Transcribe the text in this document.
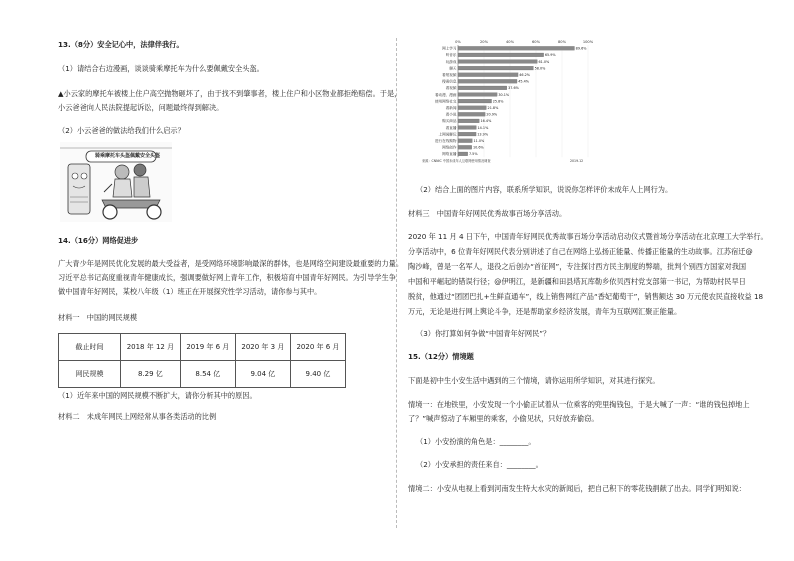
13.（8分）安全记心中，法律伴我行。
（1）请结合右边漫画，谈谈骑乘摩托车为什么要佩戴安全头盔。
▲小云家的摩托车被楼上住户高空抛物砸坏了，由于找不到肇事者，楼上住户和小区物业都拒绝赔偿。于是，
小云爸爸向人民法院提起诉讼，问题最终得到解决。
（2）小云爸爸的做法给我们什么启示？
骑乘摩托车头盔佩戴安全头盔
14.（16分）网络促进步
广大青少年是网民优化发展的最大受益者，是受网络环境影响最深的群体，也是网络空间建设最重要的力量。
习近平总书记高度重视青年健康成长，强调要做好网上青年工作，积极培育中国青年好网民。为引导学生争
做中国青年好网民，某校八年级（1）班正在开展探究性学习活动，请你参与其中。
材料一　中国的网民规模
截止时间	2018 年 12 月	2019 年 6 月	2020 年 3 月	2020 年 6 月
网民规模	8.29 亿	8.54 亿	9.04 亿	9.40 亿
（1）近年来中国的网民规模不断扩大，请你分析其中的原因。
材料二　未成年网民上网经常从事各类活动的比例
0%	20%	40%	60%	80%	100%
网上学习	89.6%
听音乐	65.9%
玩游戏	61.0%
聊天	58.0%
看短视频	46.2%
搜索信息	45.4%
看视频	37.6%
看动漫、漫画	30.1%
使用网络社交	25.8%
看新闻	21.8%
看小说	20.9%
购买商品	16.4%
看直播	14.1%
上网闲聊玩	13.9%
进行在线购物	11.0%
网络创作	10.6%
网络直播	7.5%
来源：CNNIC 中国未成年人互联网使用情况调查	2019.12
（2）结合上面的图片内容，联系所学知识，说说你怎样评价未成年人上网行为。
材料三　中国青年好网民优秀故事百场分享活动。
2020 年 11 月 4 日下午，中国青年好网民优秀故事百场分享活动启动仪式暨首场分享活动在北京理工大学举行。
分享活动中，6 位青年好网民代表分别讲述了自己在网络上弘扬正能量、传播正能量的生动故事。江苏宿迁@
陶沙峰，曾是一名军人，退役之后创办“首征网”，专注探讨西方民主制度的弊端，批判个别西方国家对我国
中国和平崛起的错误行径；@伊明江，是新疆和田县塔瓦库勒乡依贝西村党支部第一书记，为帮助村民早日
脱贫，他通过“团团巴扎+生鲜直通车”，线上销售网红产品“香妃葡萄干”，销售额达 30 万元使农民直接收益 18
万元，无论是进行网上舆论斗争，还是帮助家乡经济发展，青年为互联网汇聚正能量。
（3）你打算如何争做“中国青年好网民”？
15.（12分）情境题
下面是初中生小安生活中遇到的三个情境，请你运用所学知识，对其进行探究。
情境一：在地铁里，小安发现一个小偷正试着从一位乘客的兜里掏钱包，于是大喊了一声：“谁的钱包掉地上
了？”喊声惊动了车厢里的乘客，小偷见状，只好放弃偷窃。
（1）小安扮演的角色是：________。
（2）小安承担的责任来自：________。
情境二：小安从电视上看到河南发生特大水灾的新闻后，把自己积下的零花钱捐献了出去。同学们明知说：
